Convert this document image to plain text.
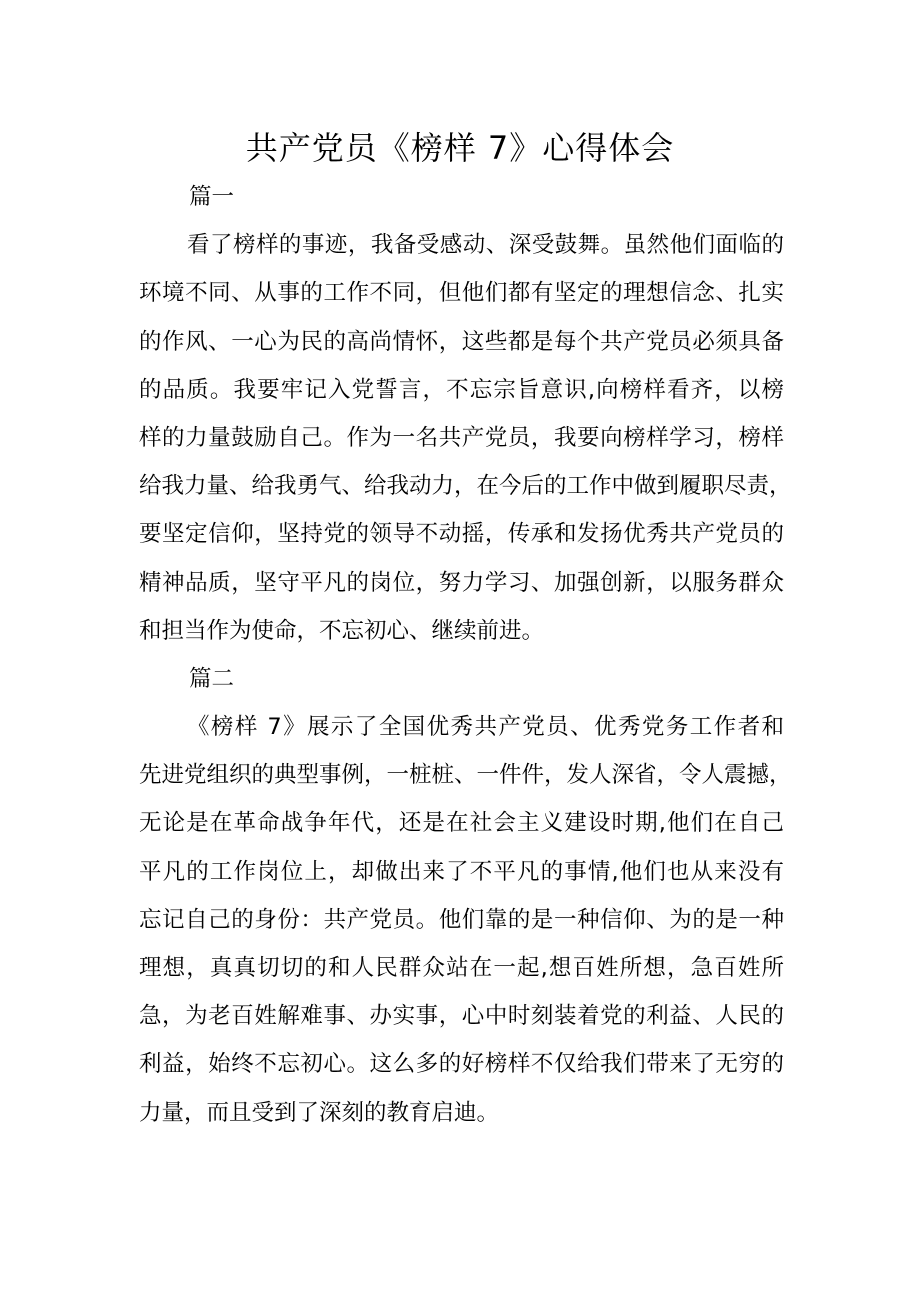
共产党员《榜样 7》心得体会
篇一
看了榜样的事迹，我备受感动、深受鼓舞。虽然他们面临的
环境不同、从事的工作不同，但他们都有坚定的理想信念、扎实
的作风、一心为民的高尚情怀，这些都是每个共产党员必须具备
的品质。我要牢记入党誓言，不忘宗旨意识,向榜样看齐，以榜
样的力量鼓励自己。作为一名共产党员，我要向榜样学习，榜样
给我力量、给我勇气、给我动力，在今后的工作中做到履职尽责，
要坚定信仰，坚持党的领导不动摇，传承和发扬优秀共产党员的
精神品质，坚守平凡的岗位，努力学习、加强创新，以服务群众
和担当作为使命，不忘初心、继续前进。
篇二
《榜样 7》展示了全国优秀共产党员、优秀党务工作者和
先进党组织的典型事例，一桩桩、一件件，发人深省，令人震撼，
无论是在革命战争年代，还是在社会主义建设时期,他们在自己
平凡的工作岗位上，却做出来了不平凡的事情,他们也从来没有
忘记自己的身份：共产党员。他们靠的是一种信仰、为的是一种
理想，真真切切的和人民群众站在一起,想百姓所想，急百姓所
急，为老百姓解难事、办实事，心中时刻装着党的利益、人民的
利益，始终不忘初心。这么多的好榜样不仅给我们带来了无穷的
力量，而且受到了深刻的教育启迪。
